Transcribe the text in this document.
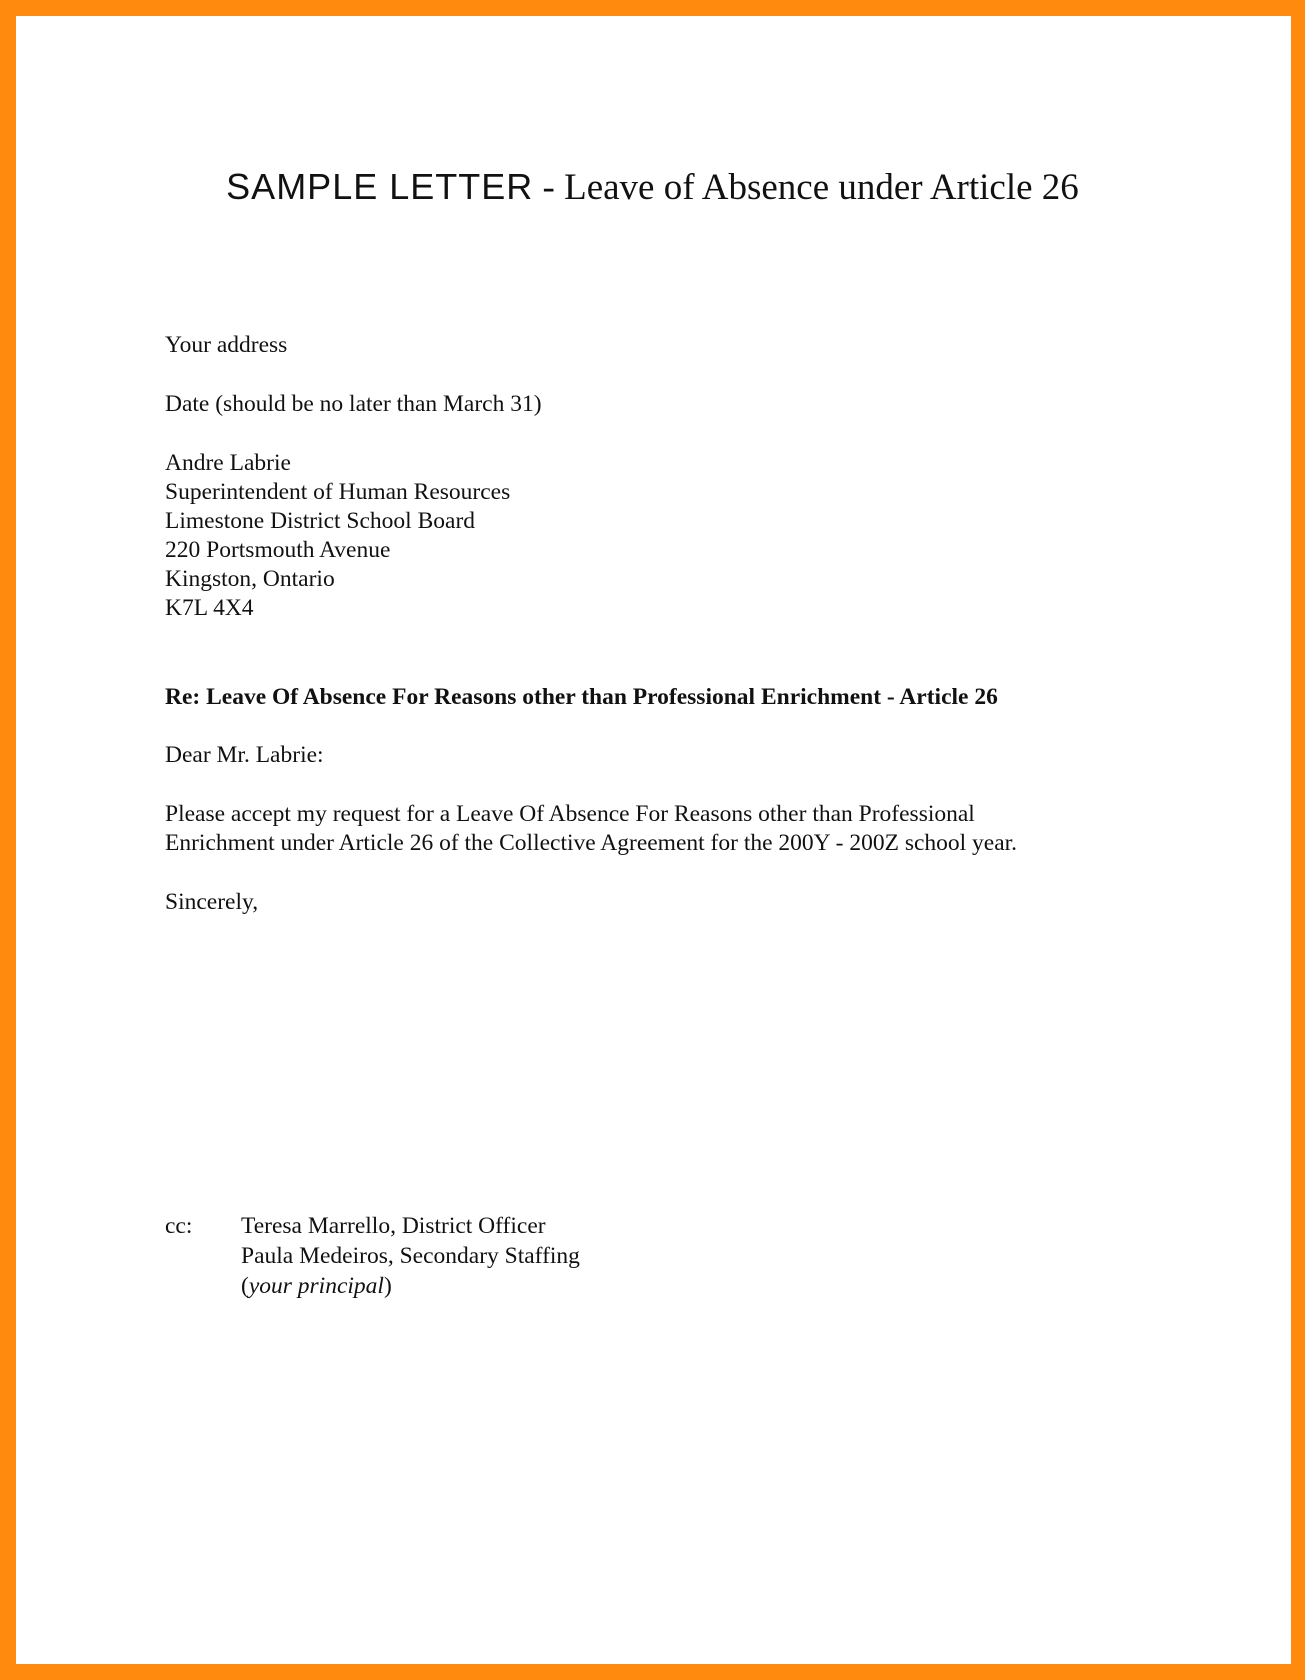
SAMPLE LETTER - Leave of Absence under Article 26
Your address
Date (should be no later than March 31)
Andre Labrie
Superintendent of Human Resources
Limestone District School Board
220 Portsmouth Avenue
Kingston, Ontario
K7L 4X4
Re: Leave Of Absence For Reasons other than Professional Enrichment - Article 26
Dear Mr. Labrie:
Please accept my request for a Leave Of Absence For Reasons other than Professional
Enrichment under Article 26 of the Collective Agreement for the 200Y - 200Z school year.
Sincerely,
cc: Teresa Marrello, District Officer
Paula Medeiros, Secondary Staffing
(your principal)
